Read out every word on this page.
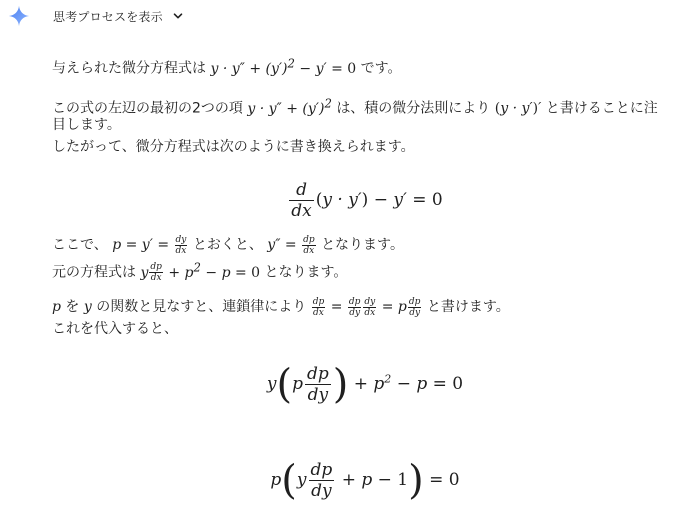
思考プロセスを表示
与えられた微分方程式は $y \cdot y'' + (y')^2 - y' = 0$ です。
この式の左辺の最初の2つの項 $y \cdot y'' + (y')^2$ は、積の微分法則により (y · y′)′ と書けることに注
目します。
したがって、微分方程式は次のように書き換えられます。
$\frac{d}{dx} (y \cdot y') - y' = 0$
ここで、 $p = y' = \frac{dy}{dx}$ とおくと、 $y'' = \frac{dp}{dx}$ となります。
元の方程式は y $\frac{dp}{dx} + p^2 - p = 0$ となります。
p を y の関数と見なすと、連鎖律により $\frac{dp}{dx} = \frac{dp}{dy} \frac{dy}{dx} = p \frac{dp}{dy}$ と書けます。
これを代入すると、
$y(p \frac{dp}{dy}$ ) + $p^2 - p = 0$
$p(y \frac{dp}{dy} + p - 1) = 0$
